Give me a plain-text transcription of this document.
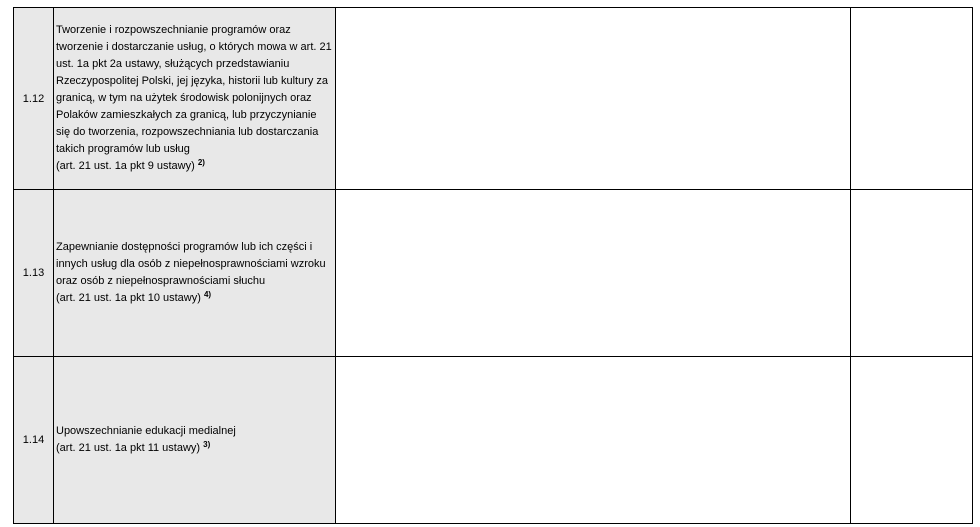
1.12	Tworzenie i rozpowszechnianie programów oraz tworzenie i dostarczanie usług, o których mowa w art. 21 ust. 1a pkt 2a ustawy, służących przedstawianiu Rzeczypospolitej Polski, jej języka, historii lub kultury za granicą, w tym na użytek środowisk polonijnych oraz Polaków zamieszkałych za granicą, lub przyczynianie się do tworzenia, rozpowszechniania lub dostarczania takich programów lub usług
(art. 21 ust. 1a pkt 9 ustawy) $^{2)}$

1.13	Zapewnianie dostępności programów lub ich części i innych usług dla osób z niepełnosprawnościami wzroku oraz osób z niepełnosprawnościami słuchu
(art. 21 ust. 1a pkt 10 ustawy) $^{4)}$

1.14	Upowszechnianie edukacji medialnej
(art. 21 ust. 1a pkt 11 ustawy) $^{3)}$
